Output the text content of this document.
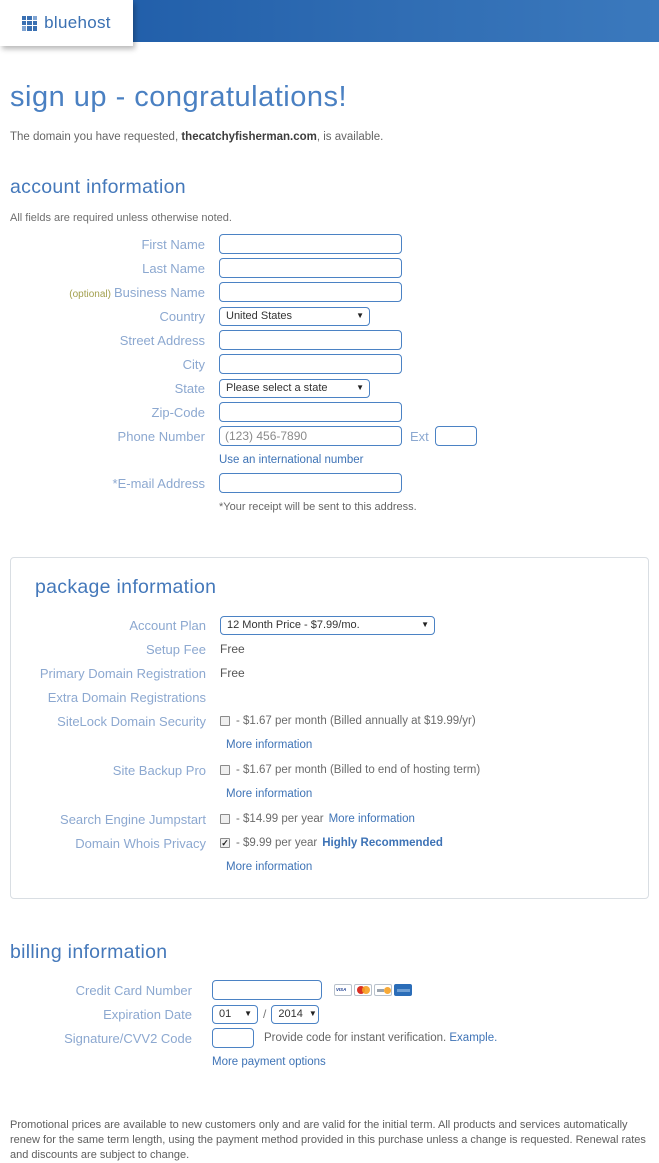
bluehost
sign up - congratulations!

The domain you have requested, thecatchyfisherman.com, is available.

account information

All fields are required unless otherwise noted.

First Name
Last Name
(optional) Business Name
Country United States	▼
Street Address
City
State Please select a state	▼
Zip-Code
Phone Number
(123) 456-7890	Ext
Use an international number
*E-mail Address
*Your receipt will be sent to this address.
package information
Account Plan 12 Month Price - $7.99/mo.	▼
Setup Fee Free
Primary Domain Registration Free
Extra Domain Registrations
SiteLock Domain Security	- $1.67 per month (Billed annually at $19.99/yr)
More information
Site Backup Pro	- $1.67 per month (Billed to end of hosting term)
More information
Search Engine Jumpstart	- $14.99 per year More information
Domain Whois Privacy ✓ - $9.99 per year Highly Recommended
More information
billing information
Credit Card Number	VISA
Expiration Date 01 ▼ / 2014 ▼
Signature/CVV2 Code	Provide code for instant verification. Example.
More payment options

Promotional prices are available to new customers only and are valid for the initial term. All products and services automatically renew for the same term length, using the payment method provided in this purchase unless a change is requested. Renewal rates and discounts are subject to change.
